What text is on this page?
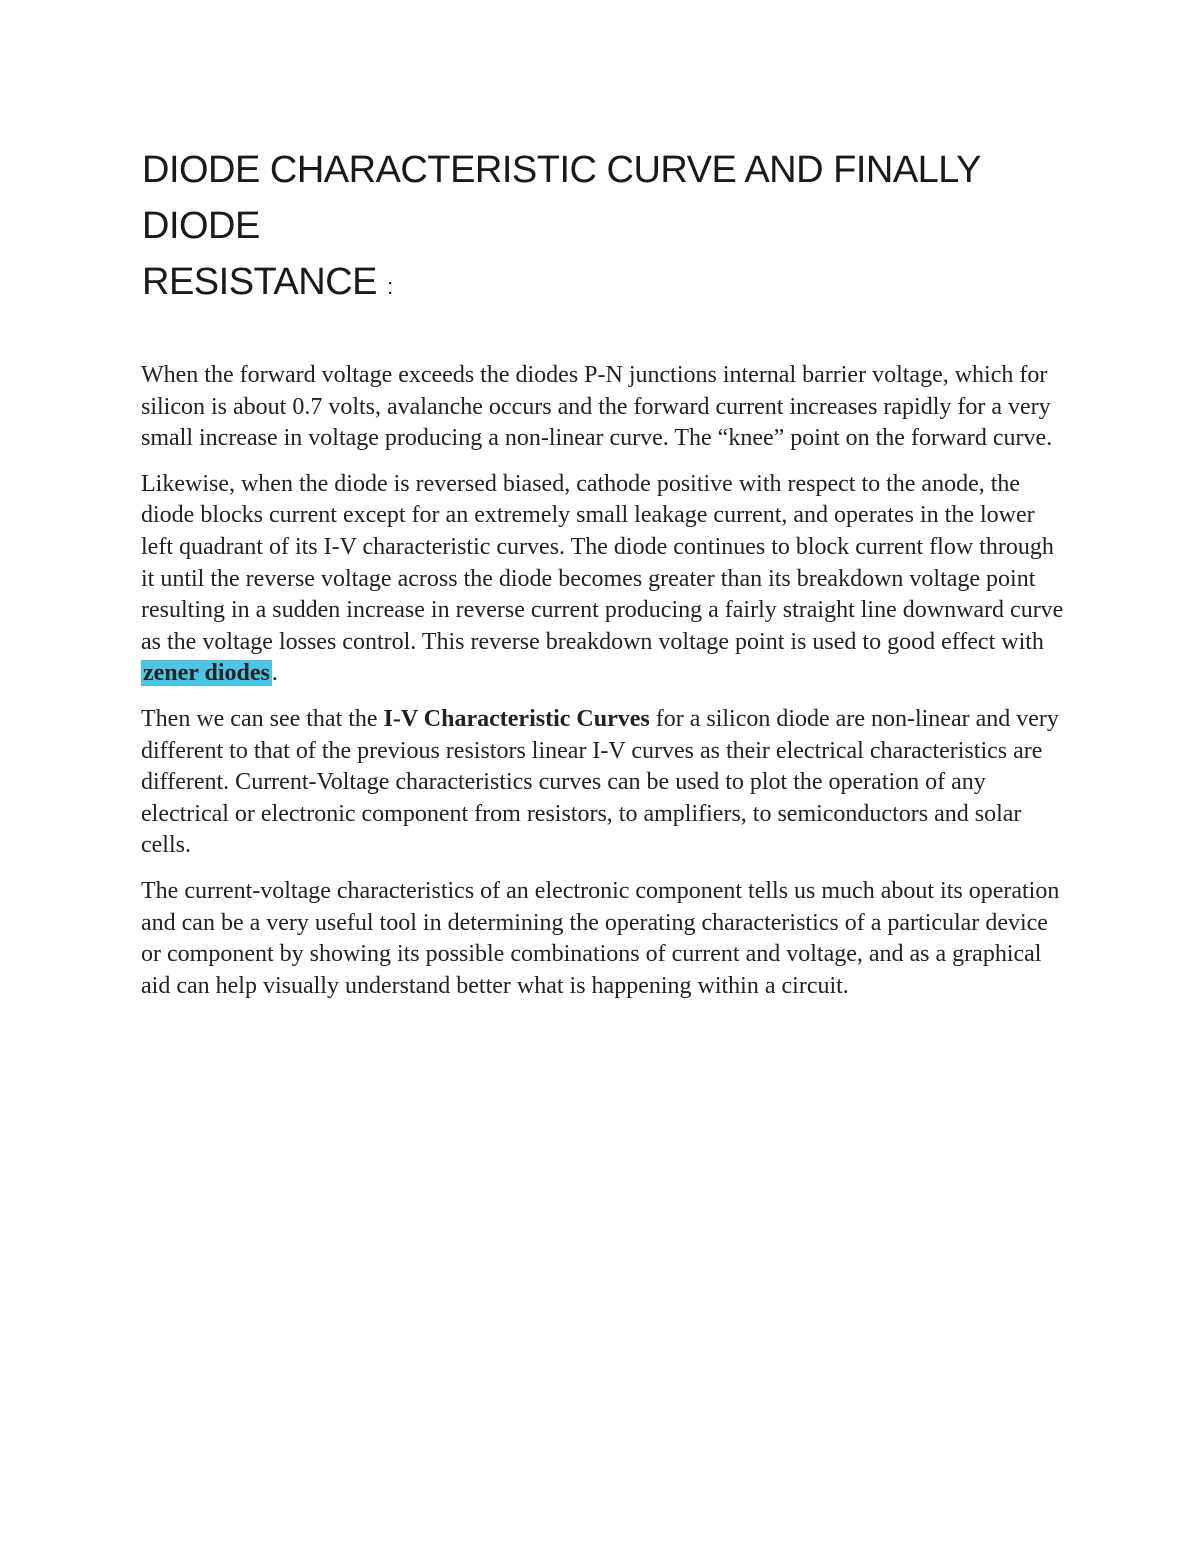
DIODE CHARACTERISTIC CURVE AND FINALLY DIODE
RESISTANCE :

When the forward voltage exceeds the diodes P-N junctions internal barrier voltage, which for silicon is about 0.7 volts, avalanche occurs and the forward current increases rapidly for a very small increase in voltage producing a non-linear curve. The “knee” point on the forward curve.

Likewise, when the diode is reversed biased, cathode positive with respect to the anode, the diode blocks current except for an extremely small leakage current, and operates in the lower left quadrant of its I-V characteristic curves. The diode continues to block current flow through it until the reverse voltage across the diode becomes greater than its breakdown voltage point resulting in a sudden increase in reverse current producing a fairly straight line downward curve as the voltage losses control. This reverse breakdown voltage point is used to good effect with zener diodes.

Then we can see that the I-V Characteristic Curves for a silicon diode are non-linear and very different to that of the previous resistors linear I-V curves as their electrical characteristics are different. Current-Voltage characteristics curves can be used to plot the operation of any electrical or electronic component from resistors, to amplifiers, to semiconductors and solar cells.

The current-voltage characteristics of an electronic component tells us much about its operation and can be a very useful tool in determining the operating characteristics of a particular device or component by showing its possible combinations of current and voltage, and as a graphical aid can help visually understand better what is happening within a circuit.
